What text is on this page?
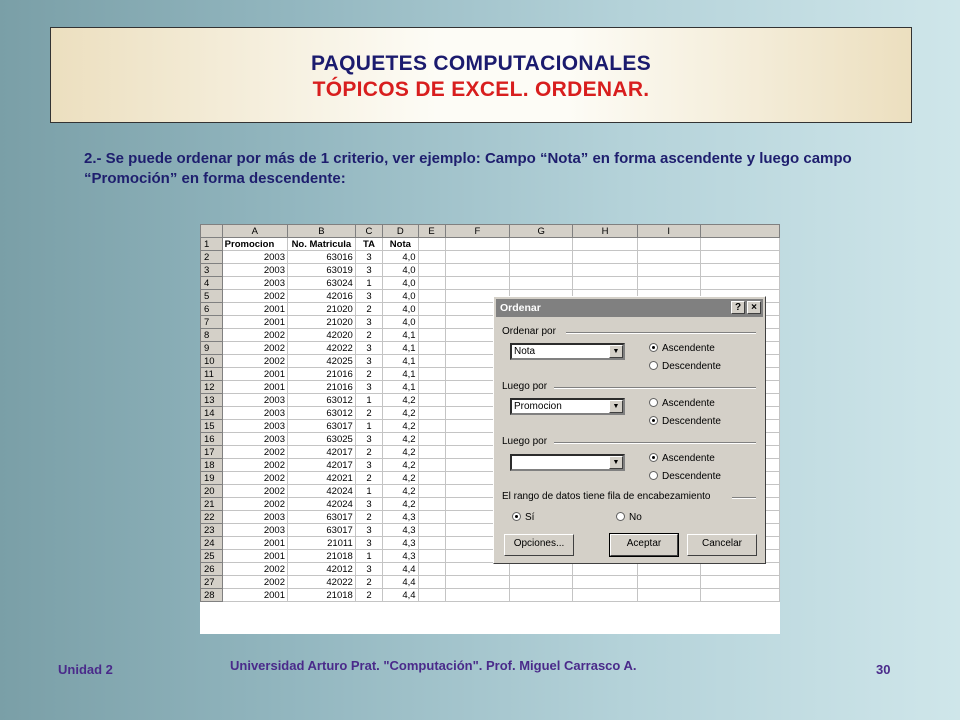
PAQUETES COMPUTACIONALES
TÓPICOS DE EXCEL. ORDENAR.
2.- Se puede ordenar por más de 1 criterio, ver ejemplo: Campo “Nota” en forma ascendente y luego campo “Promoción” en forma descendente:
	A	B	C	D	E	F	G	H	I	
1	Promocion	No. Matricula	TA	Nota						
2	2003	63016	3	4,0						
3	2003	63019	3	4,0						
4	2003	63024	1	4,0						
5	2002	42016	3	4,0						
6	2001	21020	2	4,0						
7	2001	21020	3	4,0						
8	2002	42020	2	4,1						
9	2002	42022	3	4,1						
10	2002	42025	3	4,1						
11	2001	21016	2	4,1						
12	2001	21016	3	4,1						
13	2003	63012	1	4,2						
14	2003	63012	2	4,2						
15	2003	63017	1	4,2						
16	2003	63025	3	4,2						
17	2002	42017	2	4,2						
18	2002	42017	3	4,2						
19	2002	42021	2	4,2						
20	2002	42024	1	4,2						
21	2002	42024	3	4,2						
22	2003	63017	2	4,3						
23	2003	63017	3	4,3						
24	2001	21011	3	4,3						
25	2001	21018	1	4,3						
26	2002	42012	3	4,4						
27	2002	42022	2	4,4						
28	2001	21018	2	4,4						
Ordenar	?	×
Ordenar por
Nota	▼	Ascendente
Descendente
Luego por
Promocion	▼	Ascendente
Descendente
Luego por
▼	Ascendente
Descendente
El rango de datos tiene fila de encabezamiento
Sí	No
Opciones...	Aceptar	Cancelar
Unidad 2	Universidad Arturo Prat. "Computación". Prof. Miguel Carrasco A.	30
